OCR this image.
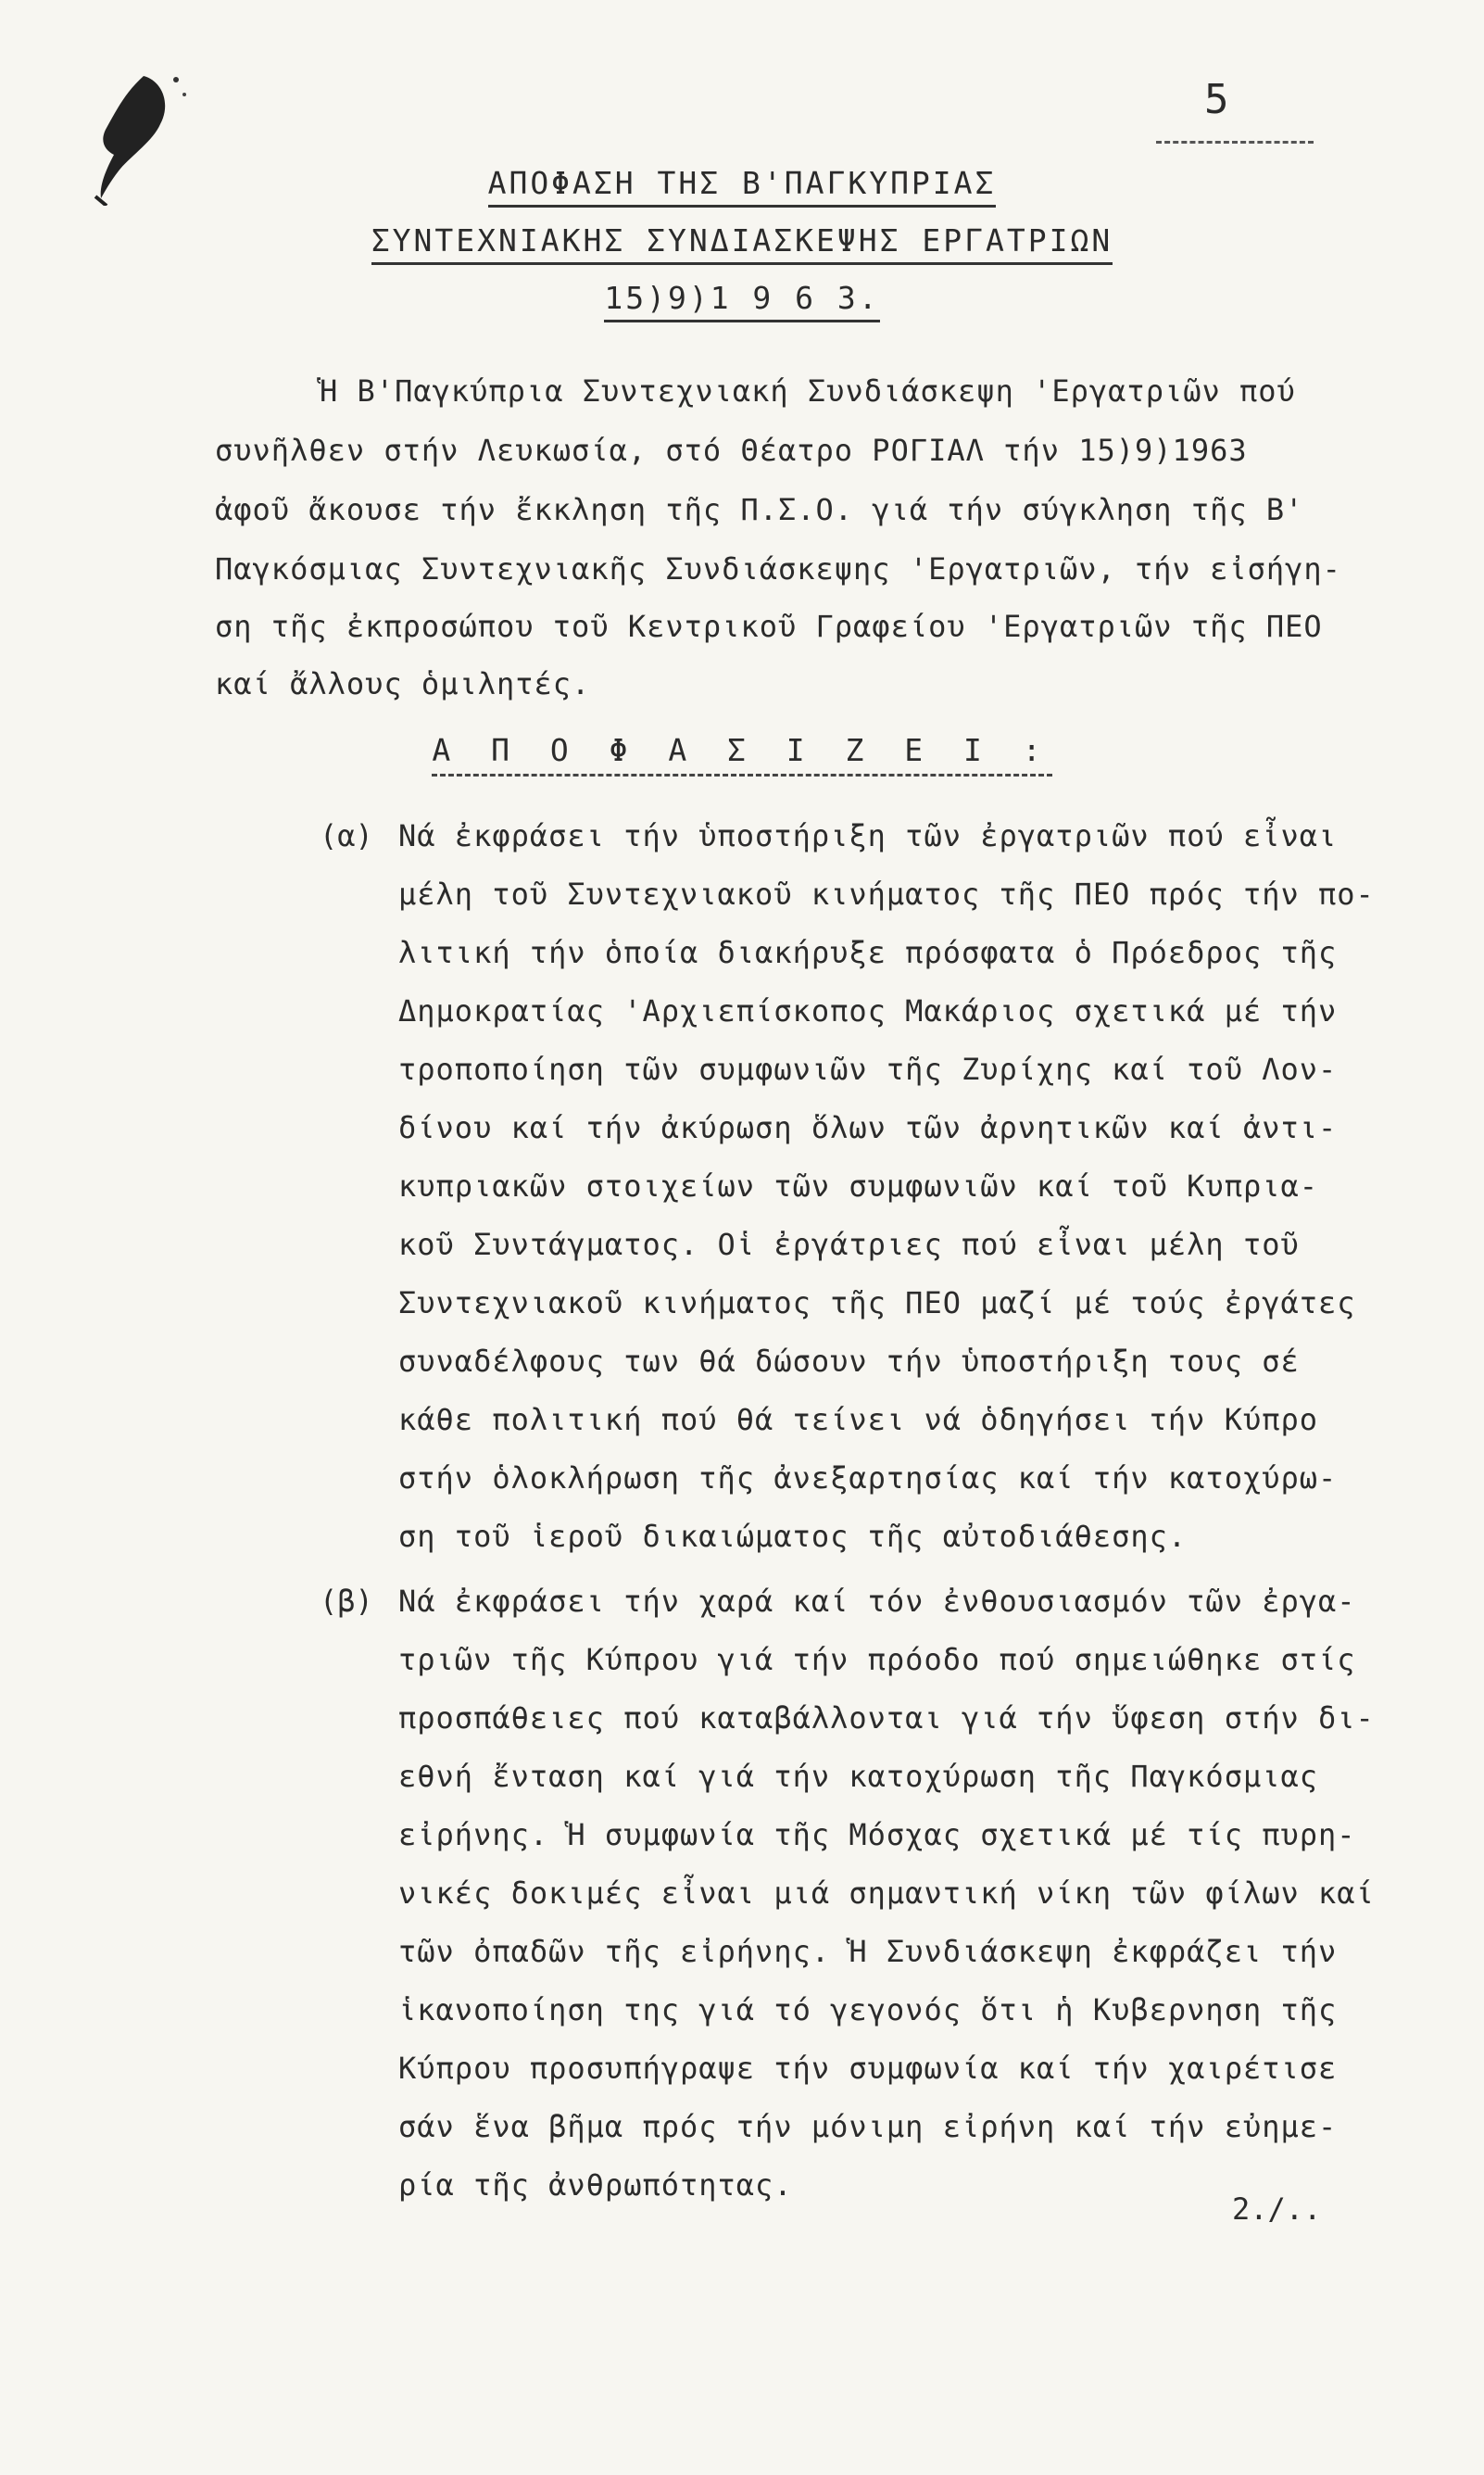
5
ΑΠΟΦΑΣΗ ΤΗΣ Β'ΠΑΓΚΥΠΡΙΑΣ
ΣΥΝΤΕΧΝΙΑΚΗΣ ΣΥΝΔΙΑΣΚΕΨΗΣ ΕΡΓΑΤΡΙΩΝ
15)9)1 9 6 3.
Ἡ Β'Παγκύπρια Συντεχνιακή Συνδιάσκεψη 'Εργατριῶν πού
συνῆλθεν στήν Λευκωσία, στό Θέατρο ΡΟΓΙΑΛ τήν 15)9)1963
ἀφοῦ ἄκουσε τήν ἔκκληση τῆς Π.Σ.Ο. γιά τήν σύγκληση τῆς Β'
Παγκόσμιας Συντεχνιακῆς Συνδιάσκεψης 'Εργατριῶν, τήν εἰσήγη-
ση τῆς ἐκπροσώπου τοῦ Κεντρικοῦ Γραφείου 'Εργατριῶν τῆς ΠΕΟ
καί ἄλλους ὁμιλητές.
Α Π Ο Φ Α Σ Ι Ζ Ε Ι :
(α) Νά ἐκφράσει τήν ὑποστήριξη τῶν ἐργατριῶν πού εἶναι
μέλη τοῦ Συντεχνιακοῦ κινήματος τῆς ΠΕΟ πρός τήν πο-
λιτική τήν ὁποία διακήρυξε πρόσφατα ὁ Πρόεδρος τῆς
Δημοκρατίας 'Αρχιεπίσκοπος Μακάριος σχετικά μέ τήν
τροποποίηση τῶν συμφωνιῶν τῆς Ζυρίχης καί τοῦ Λον-
δίνου καί τήν ἀκύρωση ὅλων τῶν ἀρνητικῶν καί ἀντι-
κυπριακῶν στοιχείων τῶν συμφωνιῶν καί τοῦ Κυπρια-
κοῦ Συντάγματος. Οἱ ἐργάτριες πού εἶναι μέλη τοῦ
Συντεχνιακοῦ κινήματος τῆς ΠΕΟ μαζί μέ τούς ἐργάτες
συναδέλφους των θά δώσουν τήν ὑποστήριξη τους σέ
κάθε πολιτική πού θά τείνει νά ὁδηγήσει τήν Κύπρο
στήν ὁλοκλήρωση τῆς ἀνεξαρτησίας καί τήν κατοχύρω-
ση τοῦ ἱεροῦ δικαιώματος τῆς αὐτοδιάθεσης.
(β) Νά ἐκφράσει τήν χαρά καί τόν ἐνθουσιασμόν τῶν ἐργα-
τριῶν τῆς Κύπρου γιά τήν πρόοδο πού σημειώθηκε στίς
προσπάθειες πού καταβάλλονται γιά τήν ὕφεση στήν δι-
εθνή ἔνταση καί γιά τήν κατοχύρωση τῆς Παγκόσμιας
εἰρήνης. Ἡ συμφωνία τῆς Μόσχας σχετικά μέ τίς πυρη-
νικές δοκιμές εἶναι μιά σημαντική νίκη τῶν φίλων καί
τῶν ὀπαδῶν τῆς εἰρήνης. Ἡ Συνδιάσκεψη ἐκφράζει τήν
ἱκανοποίηση της γιά τό γεγονός ὅτι ἡ Κυβερνηση τῆς
Κύπρου προσυπήγραψε τήν συμφωνία καί τήν χαιρέτισε
σάν ἕνα βῆμα πρός τήν μόνιμη εἰρήνη καί τήν εὐημε-
ρία τῆς ἀνθρωπότητας.
2./..
